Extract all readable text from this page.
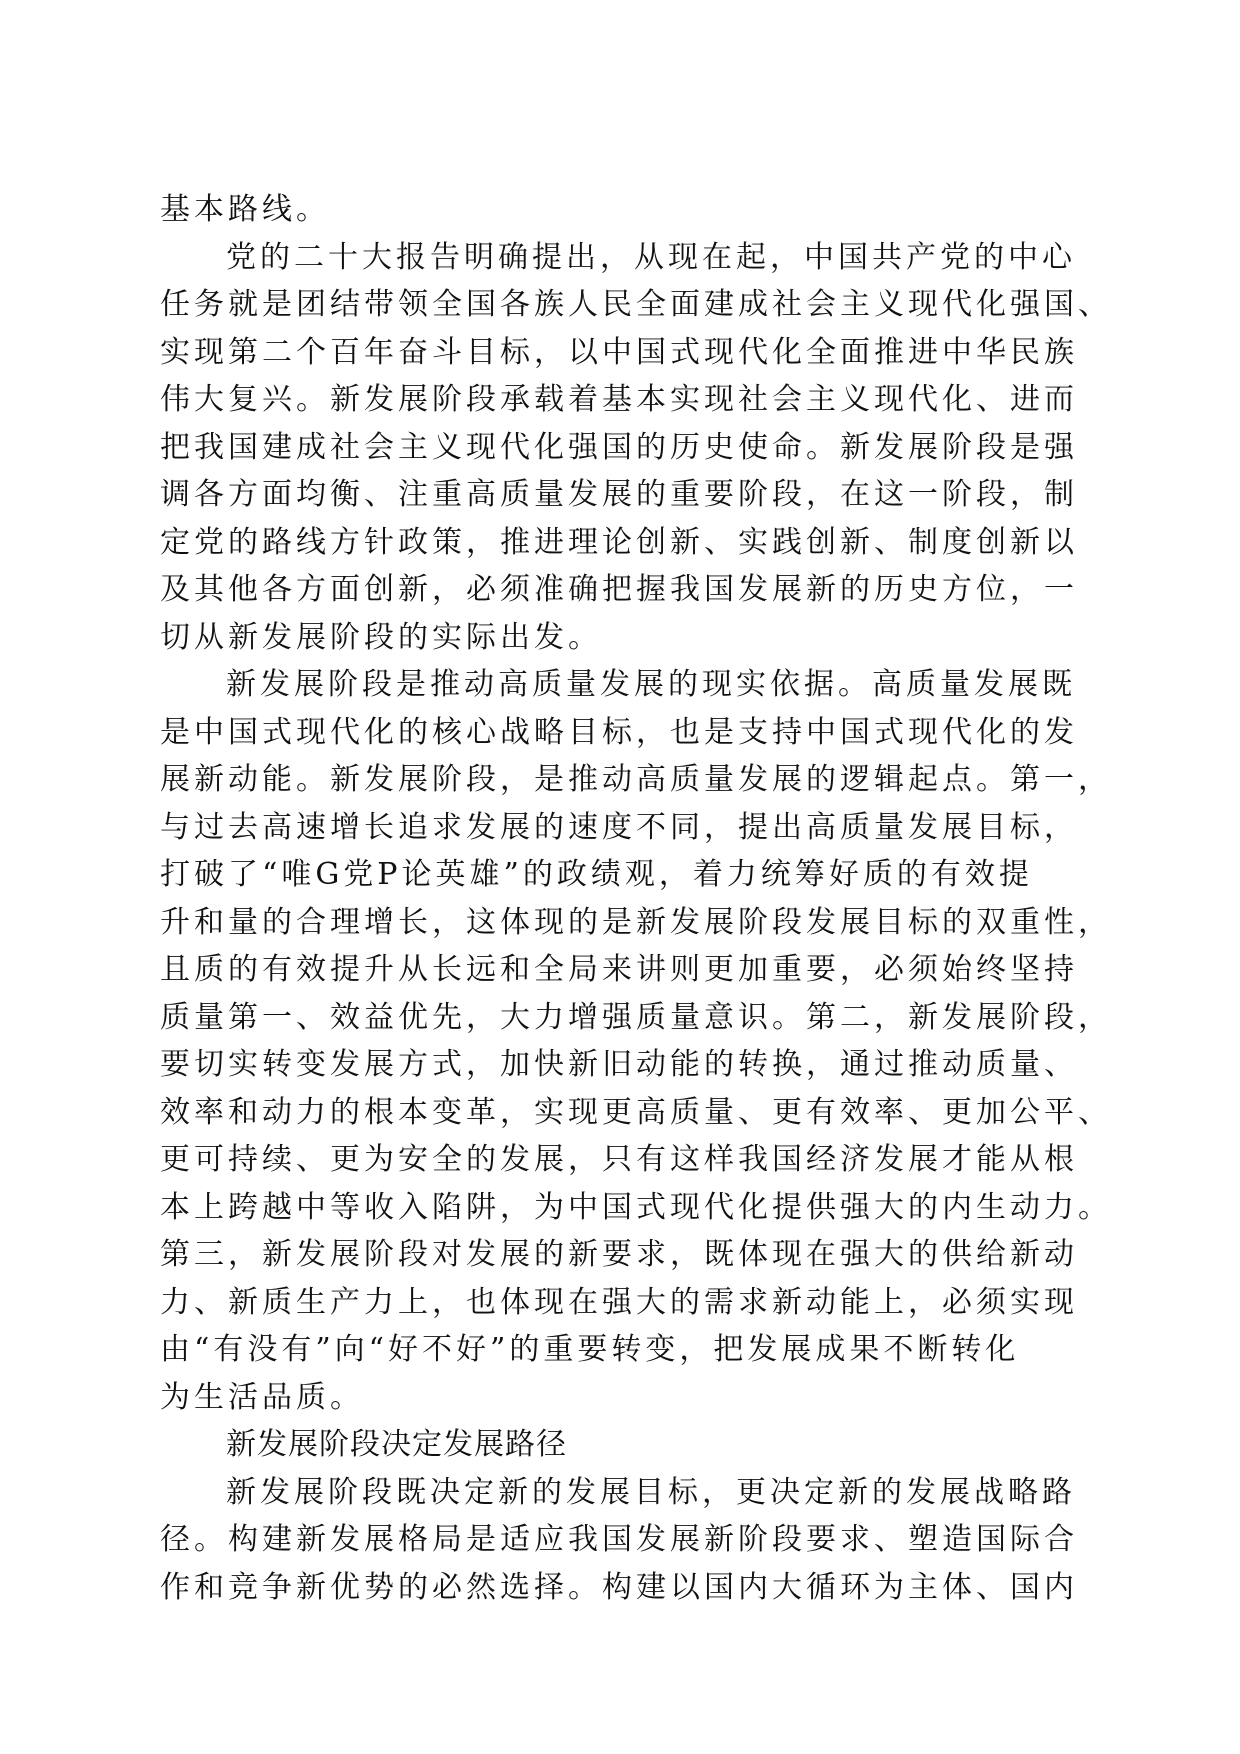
基本路线。
党的二十大报告明确提出，从现在起，中国共产党的中心
任务就是团结带领全国各族人民全面建成社会主义现代化强国、
实现第二个百年奋斗目标，以中国式现代化全面推进中华民族
伟大复兴。新发展阶段承载着基本实现社会主义现代化、进而
把我国建成社会主义现代化强国的历史使命。新发展阶段是强
调各方面均衡、注重高质量发展的重要阶段，在这一阶段，制
定党的路线方针政策，推进理论创新、实践创新、制度创新以
及其他各方面创新，必须准确把握我国发展新的历史方位，一
切从新发展阶段的实际出发。
新发展阶段是推动高质量发展的现实依据。高质量发展既
是中国式现代化的核心战略目标，也是支持中国式现代化的发
展新动能。新发展阶段，是推动高质量发展的逻辑起点。第一，
与过去高速增长追求发展的速度不同，提出高质量发展目标，
打破了“唯G党P论英雄”的政绩观，着力统筹好质的有效提
升和量的合理增长，这体现的是新发展阶段发展目标的双重性，
且质的有效提升从长远和全局来讲则更加重要，必须始终坚持
质量第一、效益优先，大力增强质量意识。第二，新发展阶段，
要切实转变发展方式，加快新旧动能的转换，通过推动质量、
效率和动力的根本变革，实现更高质量、更有效率、更加公平、
更可持续、更为安全的发展，只有这样我国经济发展才能从根
本上跨越中等收入陷阱，为中国式现代化提供强大的内生动力。
第三，新发展阶段对发展的新要求，既体现在强大的供给新动
力、新质生产力上，也体现在强大的需求新动能上，必须实现
由“有没有”向“好不好”的重要转变，把发展成果不断转化
为生活品质。
新发展阶段决定发展路径
新发展阶段既决定新的发展目标，更决定新的发展战略路
径。构建新发展格局是适应我国发展新阶段要求、塑造国际合
作和竞争新优势的必然选择。构建以国内大循环为主体、国内
